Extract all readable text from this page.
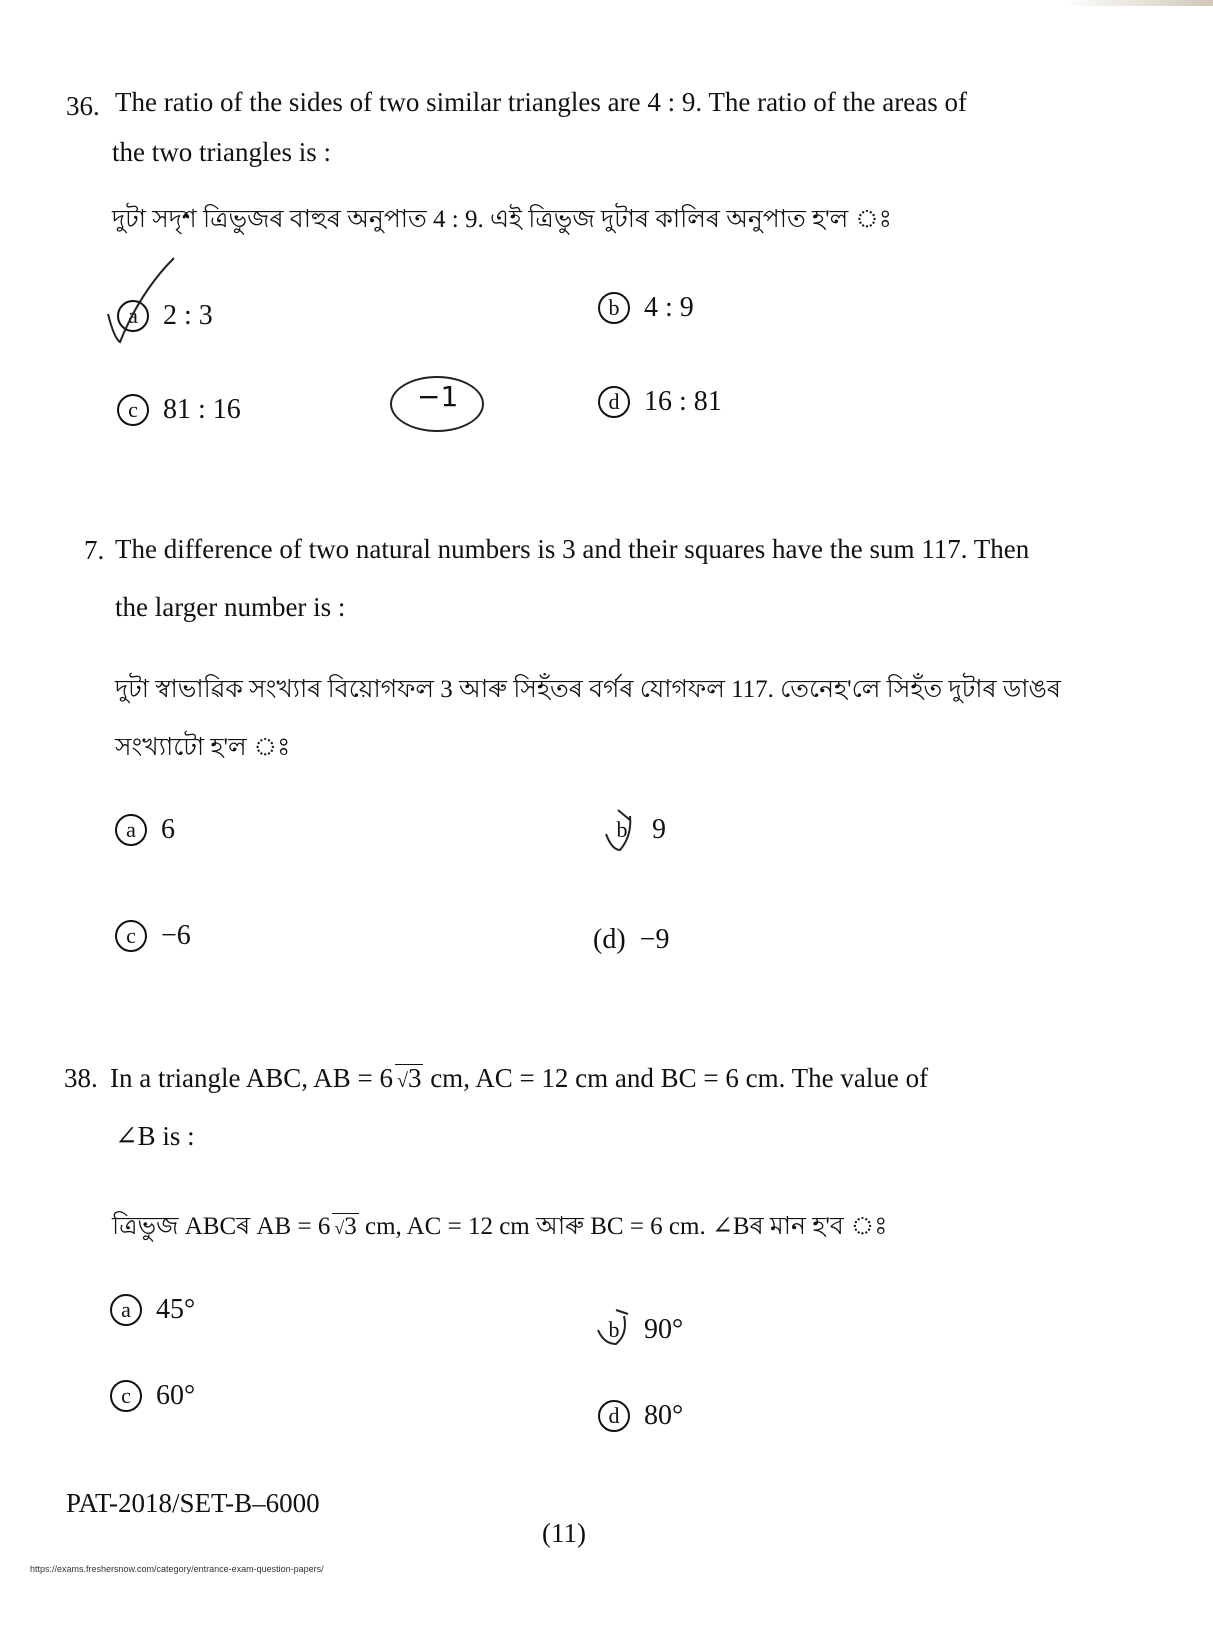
36. The ratio of the sides of two similar triangles are 4 : 9. The ratio of the areas of
the two triangles is :
দুটা সদৃশ ত্ৰিভুজৰ বাহুৰ অনুপাত 4 : 9. এই ত্ৰিভুজ দুটাৰ কালিৰ অনুপাত হ'ল ঃ
a 2 : 3	b 4 : 9
c 81 : 16	d 16 : 81
−1
7. The difference of two natural numbers is 3 and their squares have the sum 117. Then
the larger number is :
দুটা স্বাভাৱিক সংখ্যাৰ বিয়োগফল 3 আৰু সিহঁতৰ বৰ্গৰ যোগফল 117. তেনেহ'লে সিহঁত দুটাৰ ডাঙৰ
সংখ্যাটো হ'ল ঃ
a 6	b 9
c −6	(d) −9
38. In a triangle ABC, AB = 6 √3 cm, AC = 12 cm and BC = 6 cm. The value of
∠B is :
ত্ৰিভুজ ABCৰ AB = 6 √3 cm, AC = 12 cm আৰু BC = 6 cm. ∠Bৰ মান হ'ব ঃ
a 45°
b 90°
c 60°
d 80°
PAT-2018/SET-B–6000
(11)
https://exams.freshersnow.com/category/entrance-exam-question-papers/
